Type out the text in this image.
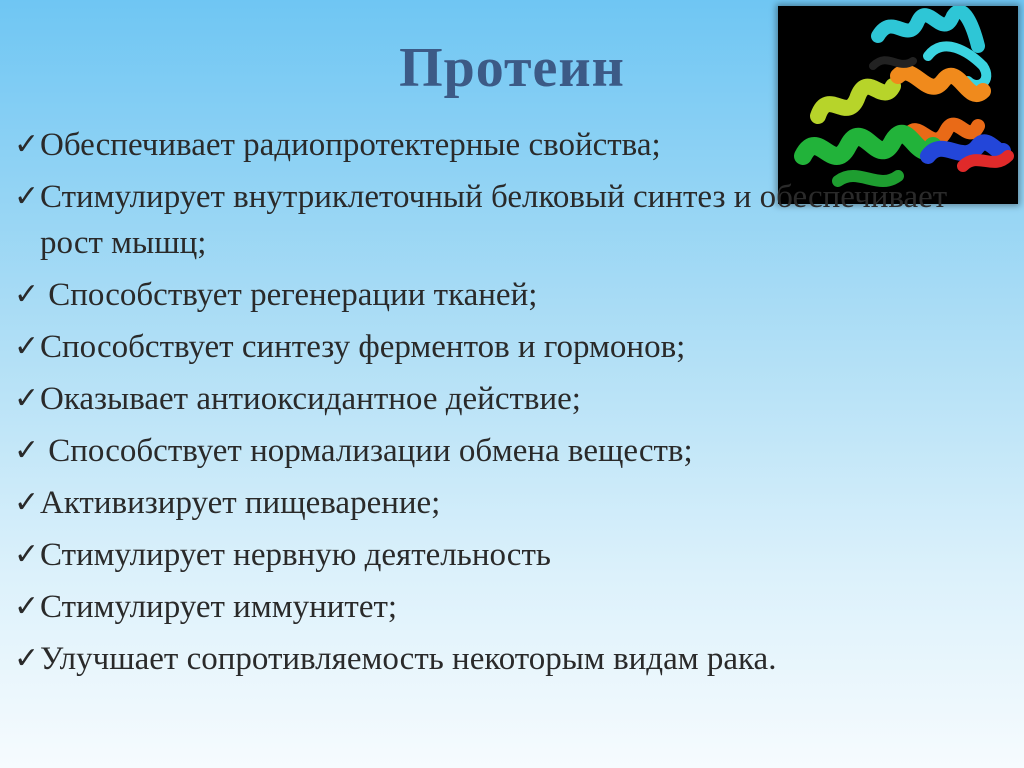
Протеин
✓ Обеспечивает радиопротектерные свойства;
✓ Стимулирует внутриклеточный белковый синтез и обеспечивает рост мышц;
✓ Способствует регенерации тканей;
✓ Способствует синтезу ферментов и гормонов;
✓ Оказывает антиоксидантное действие;
✓ Способствует нормализации обмена веществ;
✓ Активизирует пищеварение;
✓ Стимулирует нервную деятельность
✓ Стимулирует иммунитет;
✓ Улучшает сопротивляемость некоторым видам рака.
